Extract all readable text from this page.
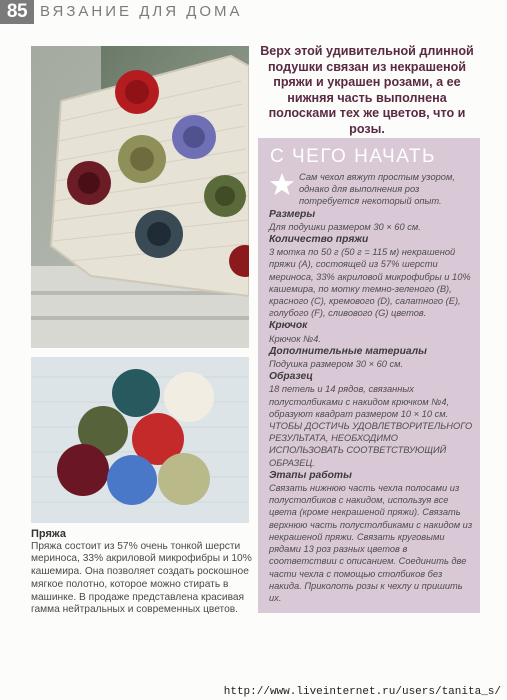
85 ВЯЗАНИЕ ДЛЯ ДОМА
Верх этой удивительной длинной подушки связан из некрашеной пряжи и украшен розами, а ее нижняя часть выполнена полосками тех же цветов, что и розы.
С ЧЕГО НАЧАТЬ
Сам чехол вяжут простым узором, однако для выполнения роз потребуется некоторый опыт.
Размеры
Для подушки размером 30 × 60 см.
Количество пряжи
3 мотка по 50 г (50 г = 115 м) некрашеной пряжи (А), состоящей из 57% шерсти мериноса, 33% акриловой микрофибры и 10% кашемира, по мотку темно-зеленого (В), красного (С), кремового (D), салатного (Е), голубого (F), сливового (G) цветов.
Крючок
Крючок №4.
Дополнительные материалы
Подушка размером 30 × 60 см.
Образец
18 петель и 14 рядов, связанных полустолбиками с накидом крючком №4, образуют квадрат размером 10 × 10 см. ЧТОБЫ ДОСТИЧЬ УДОВЛЕТВОРИТЕЛЬНОГО РЕЗУЛЬТАТА, НЕОБХОДИМО ИСПОЛЬЗОВАТЬ СООТВЕТСТВУЮЩИЙ ОБРАЗЕЦ.
Этапы работы
Связать нижнюю часть чехла полосами из полустолбиков с накидом, используя все цвета (кроме некрашеной пряжи). Связать верхнюю часть полустолбиками с накидом из некрашеной пряжи. Связать круговыми рядами 13 роз разных цветов в соответствии с описанием. Соединить две части чехла с помощью столбиков без накида. Приколоть розы к чехлу и пришить их.
Пряжа
Пряжа состоит из 57% очень тонкой шерсти мериноса, 33% акриловой микрофибры и 10% кашемира. Она позволяет создать роскошное мягкое полотно, которое можно стирать в машинке. В продаже представлена красивая гамма нейтральных и современных цветов.
http://www.liveinternet.ru/users/tanita_s/
